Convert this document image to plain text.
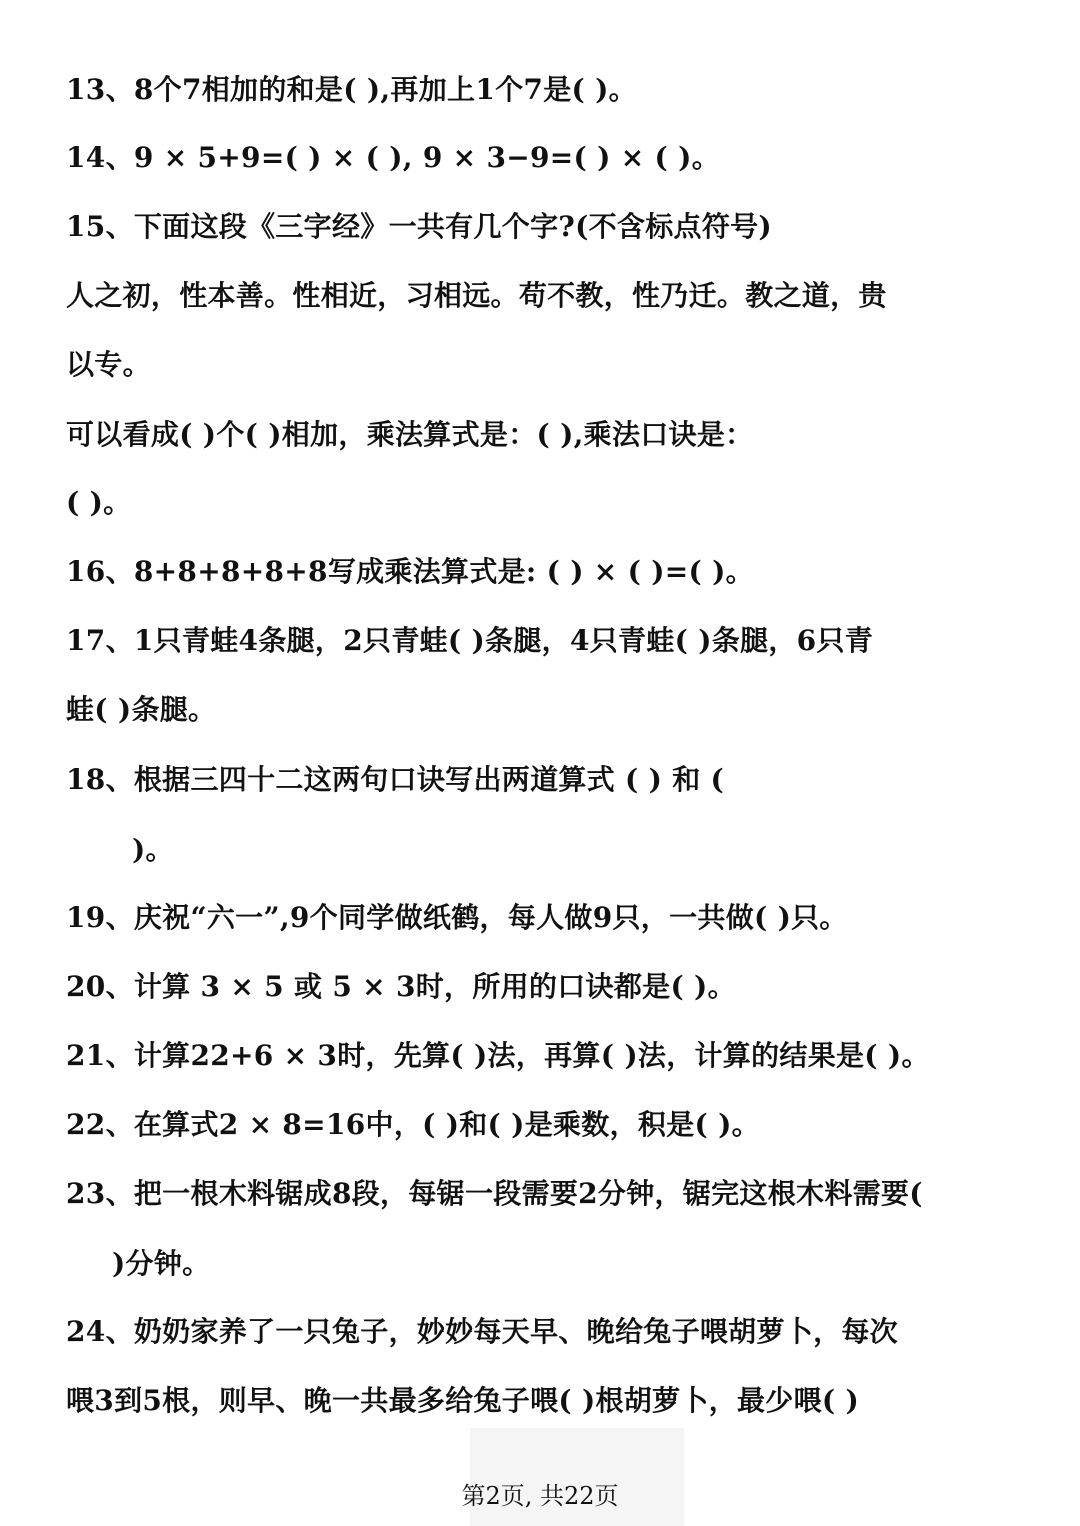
13、8个7相加的和是( ),再加上1个7是( )。
14、9 × 5+9=( ) × ( ), 9 × 3−9=( ) × ( )。
15、下面这段《三字经》一共有几个字?(不含标点符号)
人之初，性本善。性相近，习相远。苟不教，性乃迁。教之道，贵
以专。
可以看成( )个( )相加，乘法算式是：( ),乘法口诀是：
( )。
16、8+8+8+8+8写成乘法算式是: ( ) × ( )=( )。
17、1只青蛙4条腿，2只青蛙( )条腿，4只青蛙( )条腿，6只青
蛙( )条腿。
18、根据三四十二这两句口诀写出两道算式 ( ) 和 (
)。
19、庆祝“六一”,9个同学做纸鹤，每人做9只，一共做( )只。
20、计算 3 × 5 或 5 × 3时，所用的口诀都是( )。
21、计算22+6 × 3时，先算( )法，再算( )法，计算的结果是( )。
22、在算式2 × 8=16中，( )和( )是乘数，积是( )。
23、把一根木料锯成8段，每锯一段需要2分钟，锯完这根木料需要(
)分钟。
24、奶奶家养了一只兔子，妙妙每天早、晚给兔子喂胡萝卜，每次
喂3到5根，则早、晚一共最多给兔子喂( )根胡萝卜，最少喂( )
第2页, 共22页
